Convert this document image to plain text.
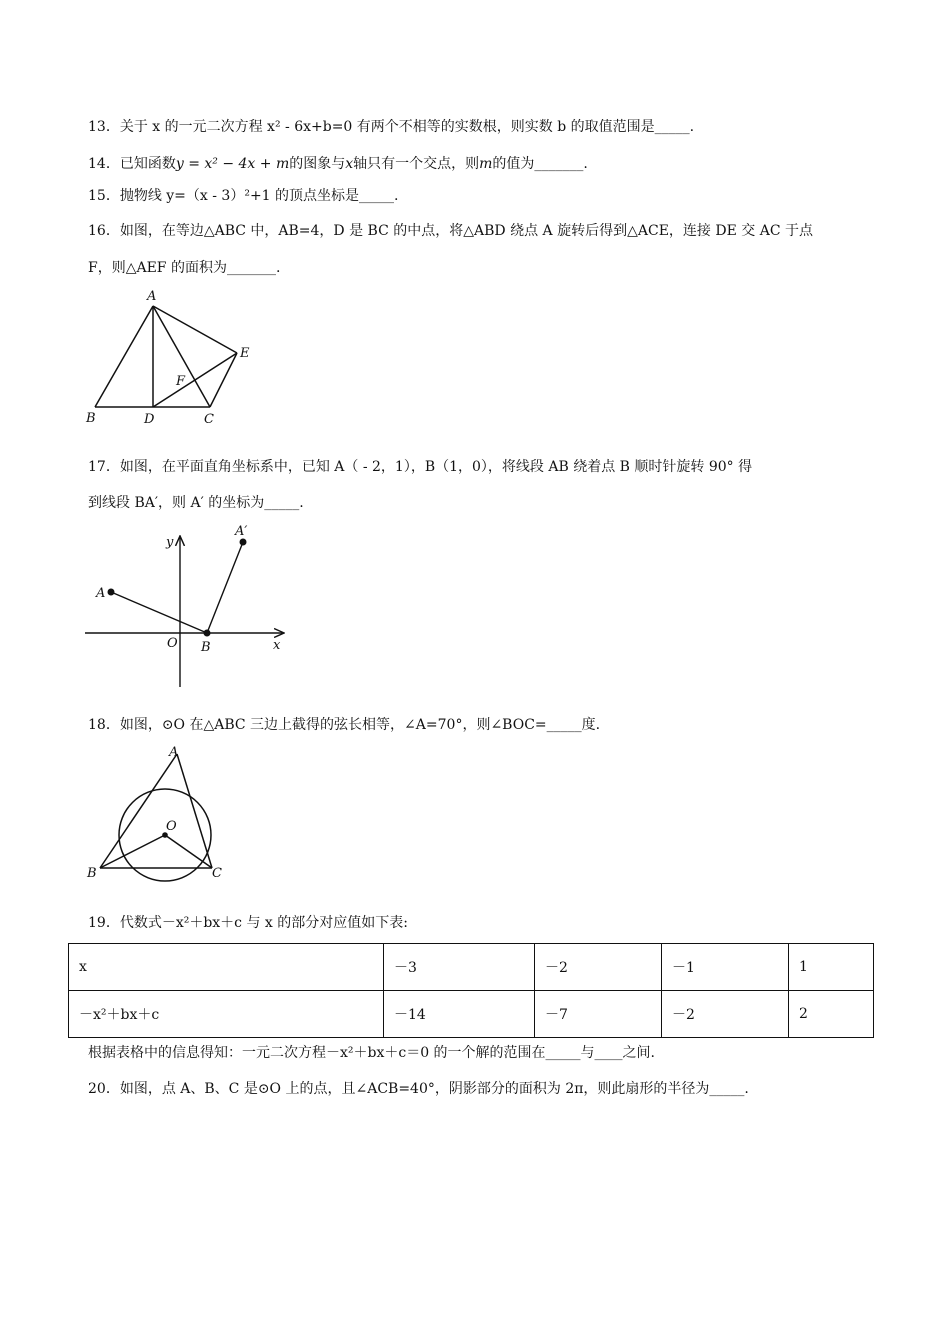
13．关于 x 的一元二次方程 x² - 6x+b=0 有两个不相等的实数根，则实数 b 的取值范围是_____.
14．已知函数y = x² − 4x + m的图象与x轴只有一个交点，则m的值为_______.
15．抛物线 y=（x - 3）²+1 的顶点坐标是_____.
16．如图，在等边△ABC 中，AB=4，D 是 BC 的中点，将△ABD 绕点 A 旋转后得到△ACE，连接 DE 交 AC 于点
F，则△AEF 的面积为_______.
A
B	D	C
E
F
17．如图，在平面直角坐标系中，已知 A（ - 2，1），B（1，0），将线段 AB 绕着点 B 顺时针旋转 90° 得
到线段 BA′，则 A′ 的坐标为_____.
A
A′
B
O	x
y
18．如图，⊙O 在△ABC 三边上截得的弦长相等，∠A=70°，则∠BOC=_____度.
A
B	C
O
19．代数式－x²＋bx＋c 与 x 的部分对应值如下表:
x	－3	－2	－1	1
－x²＋bx＋c	－14	－7	－2	2
根据表格中的信息得知：一元二次方程－x²＋bx＋c＝0 的一个解的范围在_____与____之间.
20．如图，点 A、B、C 是⊙O 上的点，且∠ACB=40°，阴影部分的面积为 2π，则此扇形的半径为_____.
